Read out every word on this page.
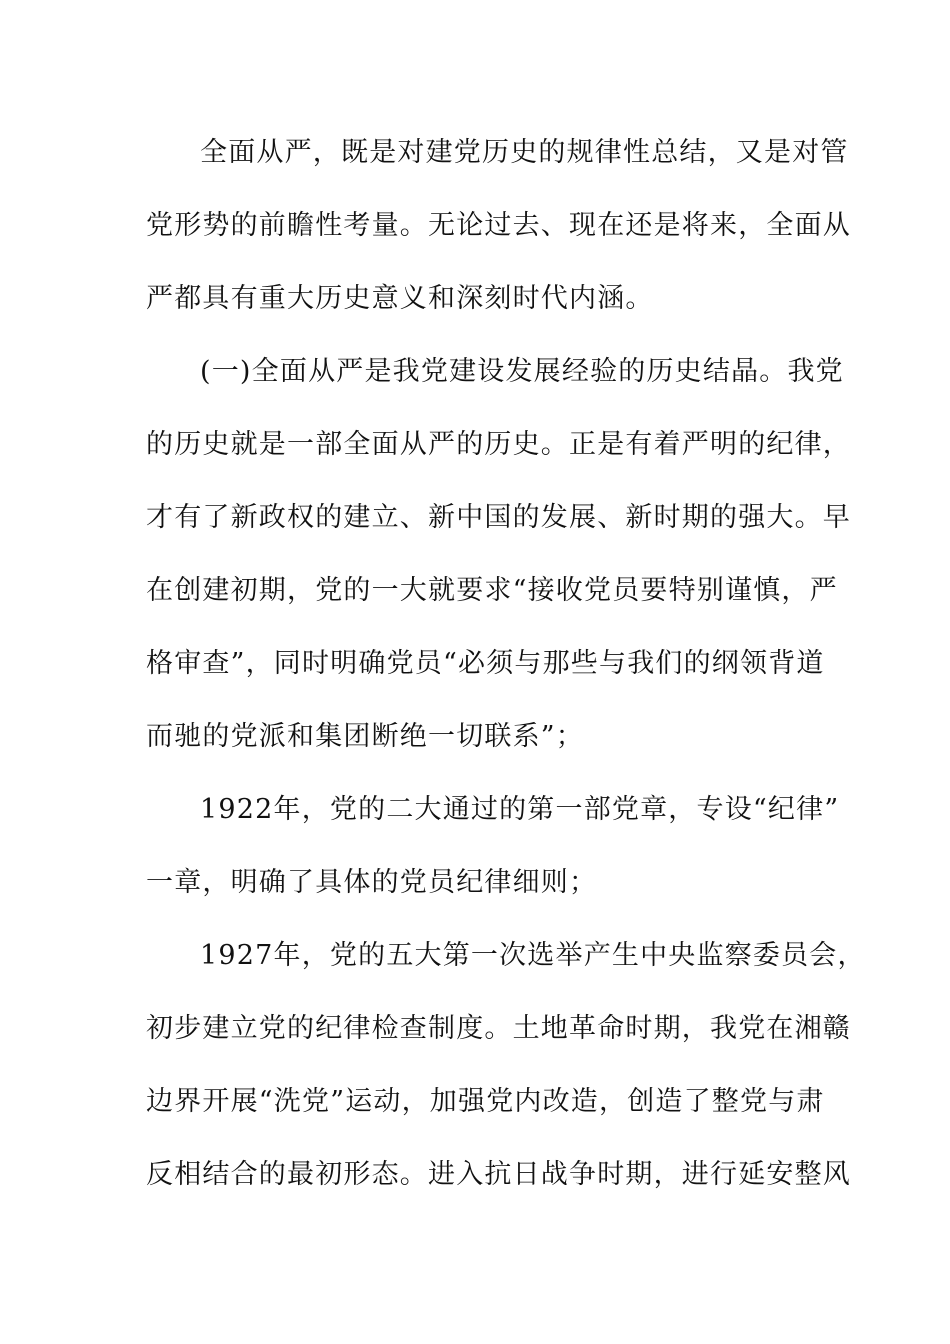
全面从严，既是对建党历史的规律性总结，又是对管
党形势的前瞻性考量。无论过去、现在还是将来，全面从
严都具有重大历史意义和深刻时代内涵。
(一)全面从严是我党建设发展经验的历史结晶。我党
的历史就是一部全面从严的历史。正是有着严明的纪律，
才有了新政权的建立、新中国的发展、新时期的强大。早
在创建初期，党的一大就要求“接收党员要特别谨慎，严
格审查”，同时明确党员“必须与那些与我们的纲领背道
而驰的党派和集团断绝一切联系”；
1922年，党的二大通过的第一部党章，专设“纪律”
一章，明确了具体的党员纪律细则；
1927年，党的五大第一次选举产生中央监察委员会，
初步建立党的纪律检查制度。土地革命时期，我党在湘赣
边界开展“洗党”运动，加强党内改造，创造了整党与肃
反相结合的最初形态。进入抗日战争时期，进行延安整风
